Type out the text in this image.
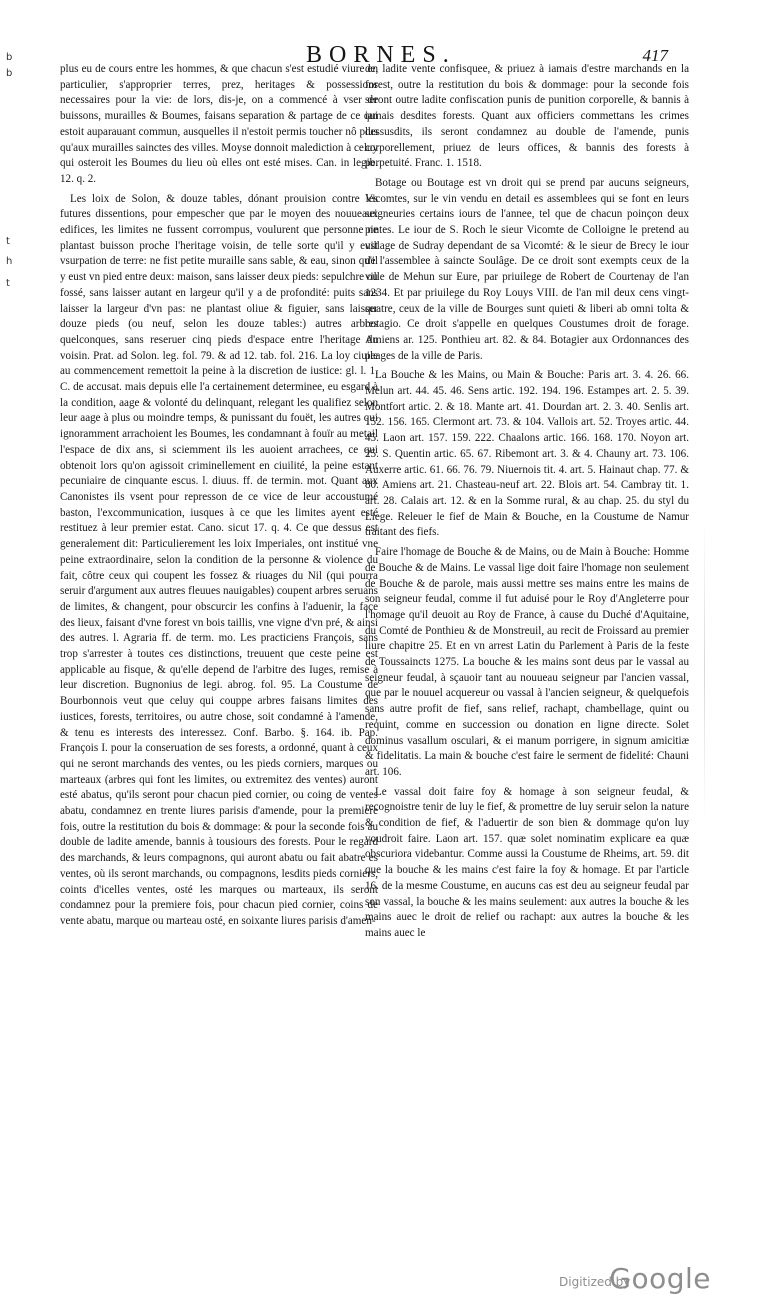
b
b
t
h
t
BORNES.	417

plus eu de cours entre les hommes, & que chacun s'est estudié viure en particulier, s'approprier terres, prez, heritages & possessions necessaires pour la vie: de lors, dis-je, on a commencé à vser de buissons, murailles & Boumes, faisans separation & partage de ce qui estoit auparauant commun, ausquelles il n'estoit permis toucher nô plus qu'aux murailles sainctes des villes. Moyse donnoit malediction à celuy qui osteroit les Boumes du lieu où elles ont esté mises. Can. in legib. 12. q. 2.

Les loix de Solon, & douze tables, dónant prouision contre les futures dissentions, pour empescher que par le moyen des nouueaux edifices, les limites ne fussent corrompus, voulurent que personne ne plantast buisson proche l'heritage voisin, de telle sorte qu'il y eust vsurpation de terre: ne fist petite muraille sans sable, & eau, sinon qu'il y eust vn pied entre deux: maison, sans laisser deux pieds: sepulchre ou fossé, sans laisser autant en largeur qu'il y a de profondité: puits sans laisser la largeur d'vn pas: ne plantast oliue & figuier, sans laisser douze pieds (ou neuf, selon les douze tables:) autres arbres quelconques, sans reseruer cinq pieds d'espace entre l'heritage du voisin. Prat. ad Solon. leg. fol. 79. & ad 12. tab. fol. 216. La loy ciuile au commencement remettoit la peine à la discretion de iustice: gl. l. 1. C. de accusat. mais depuis elle l'a certainement determinee, eu esgard à la condition, aage & volonté du delinquant, relegant les qualifiez selon leur aage à plus ou moindre temps, & punissant du fouët, les autres qui ignoramment arrachoient les Boumes, les condamnant à fouïr au metail l'espace de dix ans, si sciemment ils les auoient arrachees, ce qui obtenoit lors qu'on agissoit criminellement en ciuilité, la peine estant pecuniaire de cinquante escus. l. diuus. ff. de termin. mot. Quant aux Canonistes ils vsent pour represson de ce vice de leur accoustumé baston, l'excommunication, iusques à ce que les limites ayent esté restituez à leur premier estat. Cano. sicut 17. q. 4. Ce que dessus est generalement dit: Particulierement les loix Imperiales, ont institué vne peine extraordinaire, selon la condition de la personne & violence du fait, côtre ceux qui coupent les fossez & riuages du Nil (qui pourra seruir d'argument aux autres fleuues nauigables) coupent arbres seruans de limites, & changent, pour obscurcir les confins à l'aduenir, la face des lieux, faisant d'vne forest vn bois taillis, vne vigne d'vn pré, & ainsi des autres. l. Agraria ff. de term. mo. Les practiciens François, sans trop s'arrester à toutes ces distinctions, treuuent que ceste peine est applicable au fisque, & qu'elle depend de l'arbitre des Iuges, remise à leur discretion. Bugnonius de legi. abrog. fol. 95. La Coustume de Bourbonnois veut que celuy qui couppe arbres faisans limites des iustices, forests, territoires, ou autre chose, soit condamné à l'amende, & tenu es interests des interessez. Conf. Barbo. §. 164. ib. Pap. François I. pour la conseruation de ses forests, a ordonné, quant à ceux qui ne seront marchands des ventes, ou les pieds corniers, marques ou marteaux (arbres qui font les limites, ou extremitez des ventes) auront esté abatus, qu'ils seront pour chacun pied cornier, ou coing de ventes abatu, condamnez en trente liures parisis d'amende, pour la premiere fois, outre la restitution du bois & dommage: & pour la seconde fois au double de ladite amende, bannis à tousiours des forests. Pour le regard des marchands, & leurs compagnons, qui auront abatu ou fait abatre es ventes, où ils seront marchands, ou compagnons, lesdits pieds corniers, coints d'icelles ventes, osté les marques ou marteaux, ils seront condamnez pour la premiere fois, pour chacun pied cornier, coins de vente abatu, marque ou marteau osté, en soixante liures parisis d'amen-

de, ladite vente confisquee, & priuez à iamais d'estre marchands en la forest, outre la restitution du bois & dommage: pour la seconde fois seront outre ladite confiscation punis de punition corporelle, & bannis à iamais desdites forests. Quant aux officiers commettans les crimes dessusdits, ils seront condamnez au double de l'amende, punis corporellement, priuez de leurs offices, & bannis des forests à perpetuité. Franc. 1. 1518.

Botage ou Boutage est vn droit qui se prend par aucuns seigneurs, Vicomtes, sur le vin vendu en detail es assemblees qui se font en leurs seigneuries certains iours de l'annee, tel que de chacun poinçon deux pintes. Le iour de S. Roch le sieur Vicomte de Colloigne le pretend au village de Sudray dependant de sa Vicomté: & le sieur de Brecy le iour de l'assemblee à saincte Soulâge. De ce droit sont exempts ceux de la ville de Mehun sur Eure, par priuilege de Robert de Courtenay de l'an 1234. Et par priuilege du Roy Louys VIII. de l'an mil deux cens vingt-quatre, ceux de la ville de Bourges sunt quieti & liberi ab omni tolta & botagio. Ce droit s'appelle en quelques Coustumes droit de forage. Amiens ar. 125. Ponthieu art. 82. & 84. Botagier aux Ordonnances des peages de la ville de Paris.

La Bouche & les Mains, ou Main & Bouche: Paris art. 3. 4. 26. 66. Melun art. 44. 45. 46. Sens artic. 192. 194. 196. Estampes art. 2. 5. 39. Montfort artic. 2. & 18. Mante art. 41. Dourdan art. 2. 3. 40. Senlis art. 152. 156. 165. Clermont art. 73. & 104. Vallois art. 52. Troyes artic. 44. 45. Laon art. 157. 159. 222. Chaalons artic. 166. 168. 170. Noyon art. 25. S. Quentin artic. 65. 67. Ribemont art. 3. & 4. Chauny art. 73. 106. Auxerre artic. 61. 66. 76. 79. Niuernois tit. 4. art. 5. Hainaut chap. 77. & 80. Amiens art. 21. Chasteau-neuf art. 22. Blois art. 54. Cambray tit. 1. art. 28. Calais art. 12. & en la Somme rural, & au chap. 25. du styl du Liege. Releuer le fief de Main & Bouche, en la Coustume de Namur traitant des fiefs.

Faire l'homage de Bouche & de Mains, ou de Main à Bouche: Homme de Bouche & de Mains. Le vassal lige doit faire l'homage non seulement de Bouche & de parole, mais aussi mettre ses mains entre les mains de son seigneur feudal, comme il fut aduisé pour le Roy d'Angleterre pour l'homage qu'il deuoit au Roy de France, à cause du Duché d'Aquitaine, du Comté de Ponthieu & de Monstreuil, au recit de Froissard au premier liure chapitre 25. Et en vn arrest Latin du Parlement à Paris de la feste de Toussaincts 1275. La bouche & les mains sont deus par le vassal au seigneur feudal, à sçauoir tant au nouueau seigneur par l'ancien vassal, que par le nouuel acquereur ou vassal à l'ancien seigneur, & quelquefois sans autre profit de fief, sans relief, rachapt, chambellage, quint ou requint, comme en succession ou donation en ligne directe. Solet dominus vasallum osculari, & ei manum porrigere, in signum amicitiæ & fidelitatis. La main & bouche c'est faire le serment de fidelité: Chauni art. 106.

Le vassal doit faire foy & homage à son seigneur feudal, & recognoistre tenir de luy le fief, & promettre de luy seruir selon la nature & condition de fief, & l'aduertir de son bien & dommage qu'on luy voudroit faire. Laon art. 157. quæ solet nominatim explicare ea quæ obscuriora videbantur. Comme aussi la Coustume de Rheims, art. 59. dit que la bouche & les mains c'est faire la foy & homage. Et par l'article 16. de la mesme Coustume, en aucuns cas est deu au seigneur feudal par son vassal, la bouche & les mains seulement: aux autres la bouche & les mains auec le droit de relief ou rachapt: aux autres la bouche & les mains auec le

Digitized by
Google
